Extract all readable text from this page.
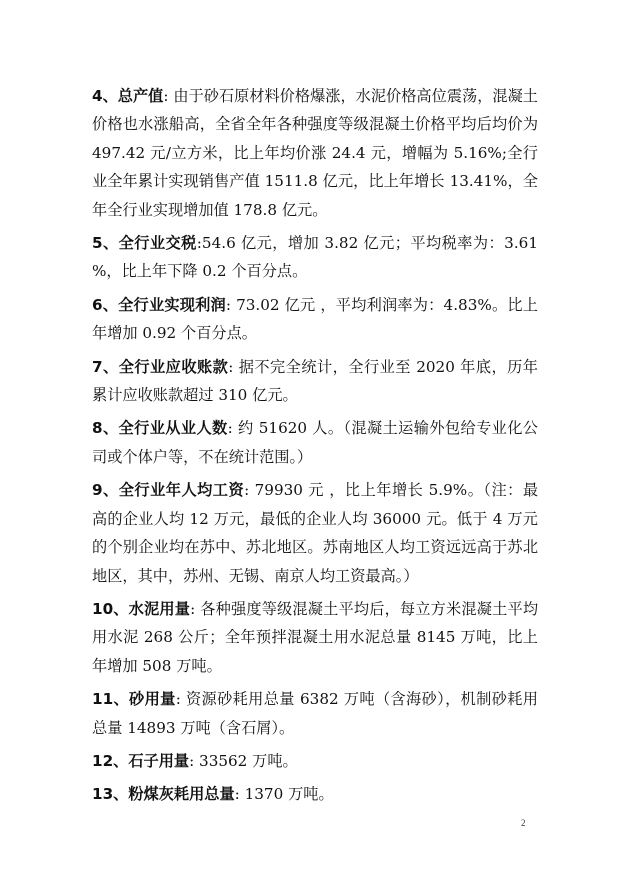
4、总产值: 由于砂石原材料价格爆涨，水泥价格高位震荡，混凝土价格也水涨船高，全省全年各种强度等级混凝土价格平均后均价为 497.42 元/立方米，比上年均价涨 24.4 元，增幅为 5.16%;全行业全年累计实现销售产值 1511.8 亿元，比上年增长 13.41%，全年全行业实现增加值 178.8 亿元。

5、全行业交税:54.6 亿元，增加 3.82 亿元；平均税率为：3.61 %，比上年下降 0.2 个百分点。

6、全行业实现利润: 73.02 亿元 ，平均利润率为：4.83%。比上年增加 0.92 个百分点。

7、全行业应收账款: 据不完全统计，全行业至 2020 年底，历年累计应收账款超过 310 亿元。

8、全行业从业人数: 约 51620 人。（混凝土运输外包给专业化公司或个体户等，不在统计范围。）

9、全行业年人均工资: 79930 元 ，比上年增长 5.9%。（注：最高的企业人均 12 万元，最低的企业人均 36000 元。低于 4 万元的个别企业均在苏中、苏北地区。苏南地区人均工资远远高于苏北地区，其中，苏州、无锡、南京人均工资最高。）

10、水泥用量: 各种强度等级混凝土平均后，每立方米混凝土平均用水泥 268 公斤；全年预拌混凝土用水泥总量 8145 万吨，比上年增加 508 万吨。

11、砂用量: 资源砂耗用总量 6382 万吨（含海砂），机制砂耗用总量 14893 万吨（含石屑）。

12、石子用量: 33562 万吨。

13、粉煤灰耗用总量: 1370 万吨。

2
